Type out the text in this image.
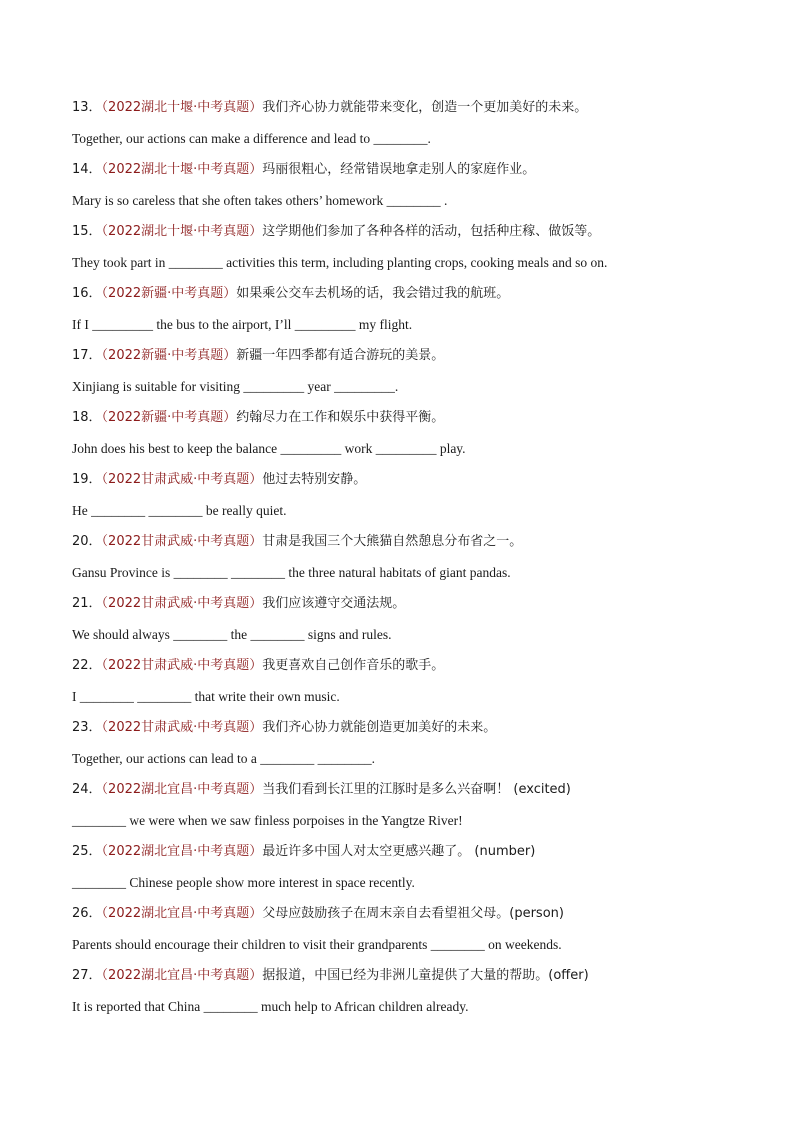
13．（2022湖北十堰·中考真题）我们齐心协力就能带来变化，创造一个更加美好的未来。
Together, our actions can make a difference and lead to ________.
14．（2022湖北十堰·中考真题）玛丽很粗心，经常错误地拿走别人的家庭作业。
Mary is so careless that she often takes others’ homework ________ .
15．（2022湖北十堰·中考真题）这学期他们参加了各种各样的活动，包括种庄稼、做饭等。
They took part in ________ activities this term, including planting crops, cooking meals and so on.
16．（2022新疆·中考真题）如果乘公交车去机场的话，我会错过我的航班。
If I _________ the bus to the airport, I’ll _________ my flight.
17．（2022新疆·中考真题）新疆一年四季都有适合游玩的美景。
Xinjiang is suitable for visiting _________ year _________.
18．（2022新疆·中考真题）约翰尽力在工作和娱乐中获得平衡。
John does his best to keep the balance _________ work _________ play.
19．（2022甘肃武威·中考真题）他过去特别安静。
He ________ ________ be really quiet.
20．（2022甘肃武威·中考真题）甘肃是我国三个大熊猫自然憩息分布省之一。
Gansu Province is ________ ________ the three natural habitats of giant pandas.
21．（2022甘肃武威·中考真题）我们应该遵守交通法规。
We should always ________ the ________ signs and rules.
22．（2022甘肃武威·中考真题）我更喜欢自己创作音乐的歌手。
I ________ ________ that write their own music.
23．（2022甘肃武威·中考真题）我们齐心协力就能创造更加美好的未来。
Together, our actions can lead to a ________ ________.
24．（2022湖北宜昌·中考真题）当我们看到长江里的江豚时是多么兴奋啊！ (excited)
________ we were when we saw finless porpoises in the Yangtze River!
25．（2022湖北宜昌·中考真题）最近许多中国人对太空更感兴趣了。 (number)
________ Chinese people show more interest in space recently.
26．（2022湖北宜昌·中考真题）父母应鼓励孩子在周末亲自去看望祖父母。(person)
Parents should encourage their children to visit their grandparents ________ on weekends.
27．（2022湖北宜昌·中考真题）据报道，中国已经为非洲儿童提供了大量的帮助。(offer)
It is reported that China ________ much help to African children already.
